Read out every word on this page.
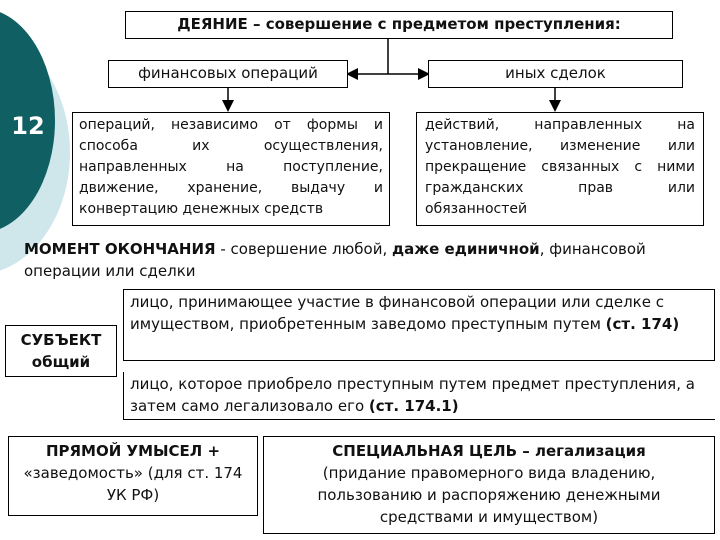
12
ДЕЯНИЕ – совершение с предметом преступления:
финансовых операций	иных сделок
операций, независимо от формы и способа их осуществления, направленных на поступление, движение, хранение, выдачу и конвертацию денежных средств
действий, направленных на установление, изменение или прекращение связанных с ними гражданских прав или обязанностей
МОМЕНТ ОКОНЧАНИЯ - совершение любой, даже единичной, финансовой операции или сделки
СУБЪЕКТ
общий
лицо, принимающее участие в финансовой операции или сделке с имуществом, приобретенным заведомо преступным путем (ст. 174)
лицо, которое приобрело преступным путем предмет преступления, а затем само легализовало его (ст. 174.1)
ПРЯМОЙ УМЫСЕЛ +
«заведомость» (для ст. 174 УК РФ)
СПЕЦИАЛЬНАЯ ЦЕЛЬ – легализация
(придание правомерного вида владению, пользованию и распоряжению денежными средствами и имуществом)
